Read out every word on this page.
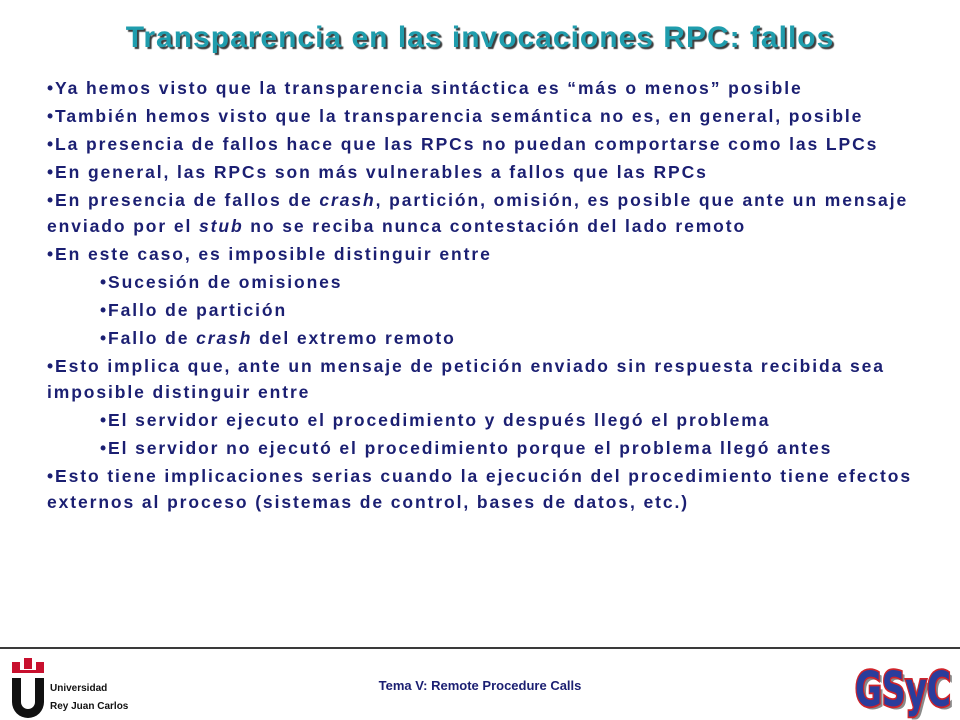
Transparencia en las invocaciones RPC: fallos
•Ya hemos visto que la transparencia sintáctica es “más o menos” posible
•También hemos visto que la transparencia semántica no es, en general, posible
•La presencia de fallos hace que las RPCs no puedan comportarse como las LPCs
•En general, las RPCs son más vulnerables a fallos que las RPCs
•En presencia de fallos de crash, partición, omisión, es posible que ante un mensaje
enviado por el stub no se reciba nunca contestación del lado remoto
•En este caso, es imposible distinguir entre
•Sucesión de omisiones
•Fallo de partición
•Fallo de crash del extremo remoto
•Esto implica que, ante un mensaje de petición enviado sin respuesta recibida sea
imposible distinguir entre
•El servidor ejecuto el procedimiento y después llegó el problema
•El servidor no ejecutó el procedimiento porque el problema llegó antes
•Esto tiene implicaciones serias cuando la ejecución del procedimiento tiene efectos
externos al proceso (sistemas de control, bases de datos, etc.)
Universidad
Rey Juan Carlos
Tema V: Remote Procedure Calls	GSyC
GSyC
